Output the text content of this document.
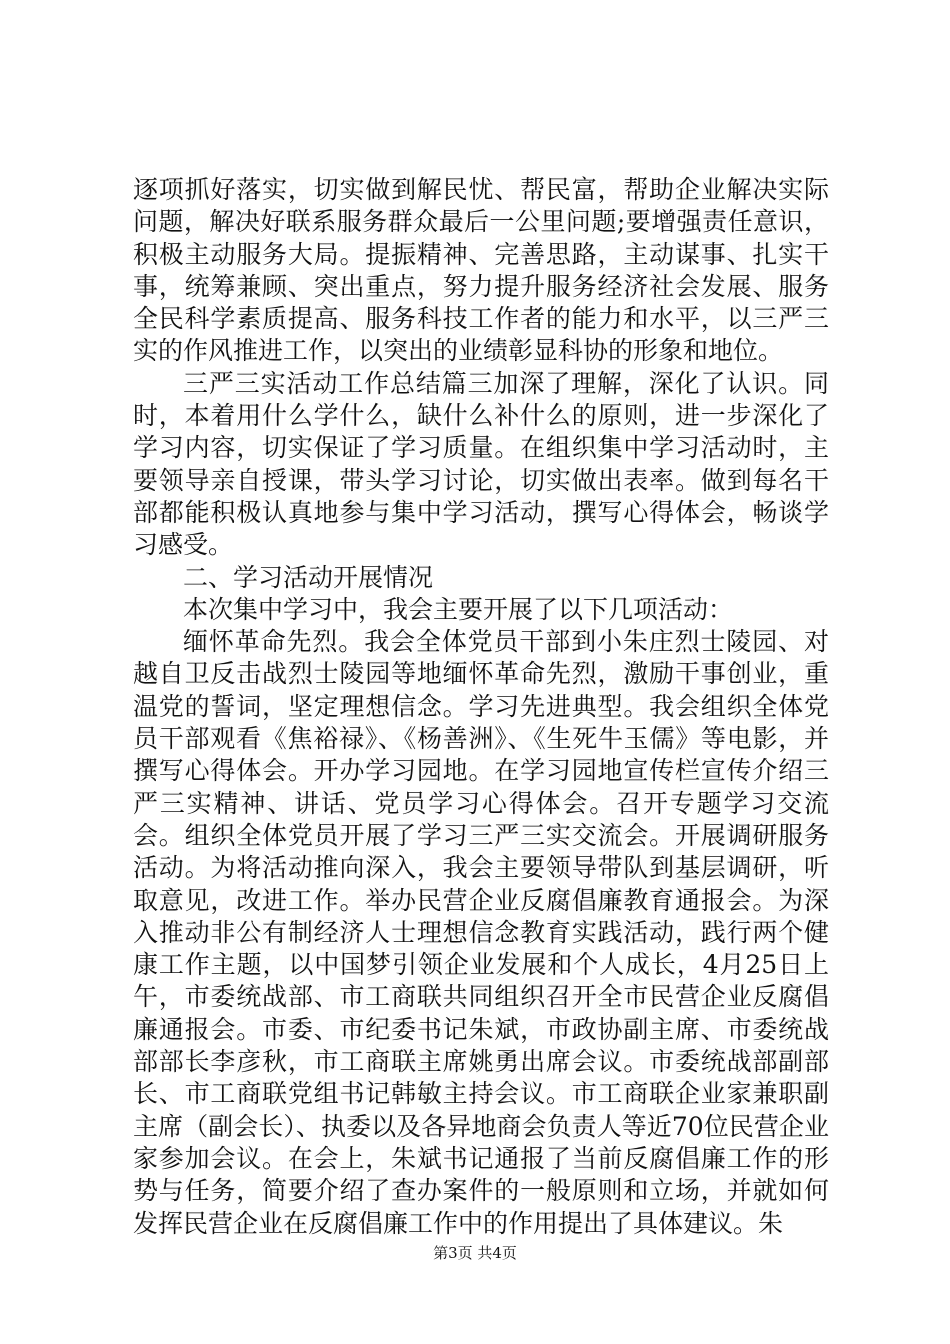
逐项抓好落实，切实做到解民忧、帮民富，帮助企业解决实际问题，解决好联系服务群众最后一公里问题;要增强责任意识，积极主动服务大局。提振精神、完善思路，主动谋事、扎实干事，统筹兼顾、突出重点，努力提升服务经济社会发展、服务全民科学素质提高、服务科技工作者的能力和水平，以三严三实的作风推进工作，以突出的业绩彰显科协的形象和地位。

三严三实活动工作总结篇三加深了理解，深化了认识。同时，本着用什么学什么，缺什么补什么的原则，进一步深化了学习内容，切实保证了学习质量。在组织集中学习活动时，主要领导亲自授课，带头学习讨论，切实做出表率。做到每名干部都能积极认真地参与集中学习活动，撰写心得体会，畅谈学习感受。

二、学习活动开展情况

本次集中学习中，我会主要开展了以下几项活动：

缅怀革命先烈。我会全体党员干部到小朱庄烈士陵园、对越自卫反击战烈士陵园等地缅怀革命先烈，激励干事创业，重温党的誓词，坚定理想信念。学习先进典型。我会组织全体党员干部观看《焦裕禄》、《杨善洲》、《生死牛玉儒》等电影，并撰写心得体会。开办学习园地。在学习园地宣传栏宣传介绍三严三实精神、讲话、党员学习心得体会。召开专题学习交流会。组织全体党员开展了学习三严三实交流会。开展调研服务活动。为将活动推向深入，我会主要领导带队到基层调研，听取意见，改进工作。举办民营企业反腐倡廉教育通报会。为深入推动非公有制经济人士理想信念教育实践活动，践行两个健康工作主题，以中国梦引领企业发展和个人成长，4月25日上午，市委统战部、市工商联共同组织召开全市民营企业反腐倡廉通报会。市委、市纪委书记朱斌，市政协副主席、市委统战部部长李彦秋，市工商联主席姚勇出席会议。市委统战部副部长、市工商联党组书记韩敏主持会议。市工商联企业家兼职副主席（副会长）、执委以及各异地商会负责人等近70位民营企业家参加会议。在会上，朱斌书记通报了当前反腐倡廉工作的形势与任务，简要介绍了查办案件的一般原则和立场，并就如何发挥民营企业在反腐倡廉工作中的作用提出了具体建议。朱

第3页 共4页
